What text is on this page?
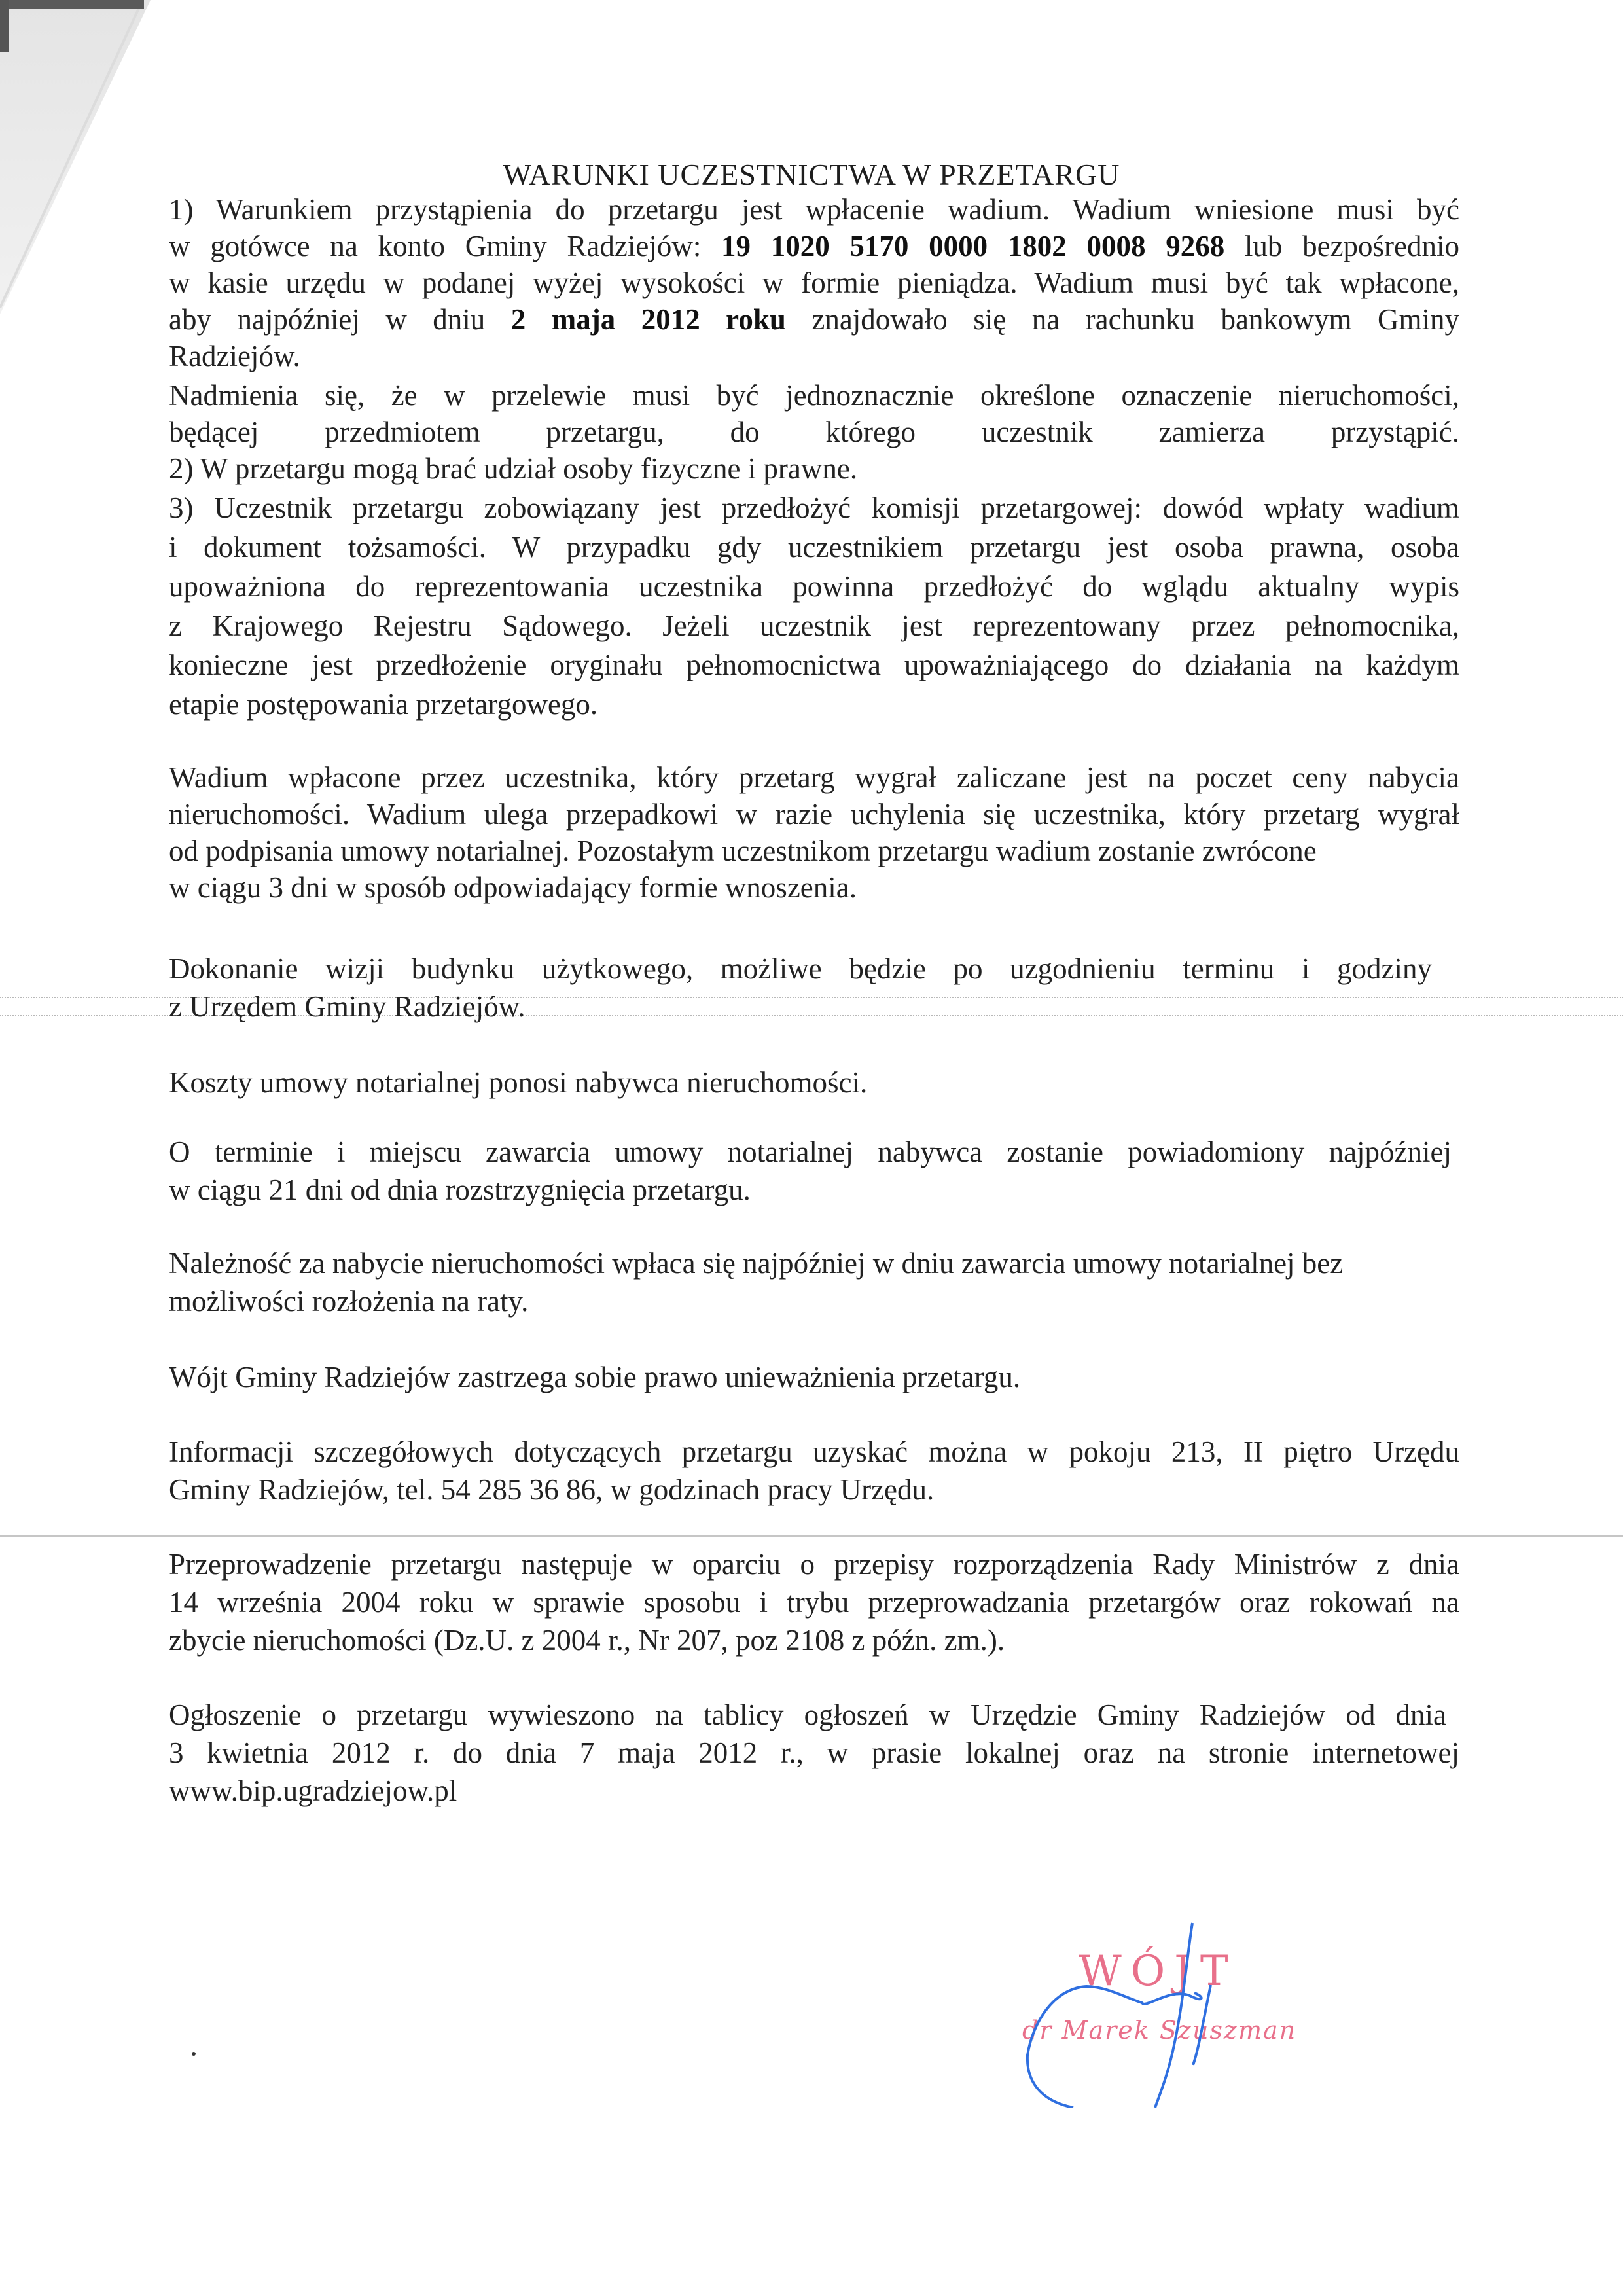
WARUNKI UCZESTNICTWA W PRZETARGU
1) Warunkiem przystąpienia do przetargu jest wpłacenie wadium. Wadium wniesione musi być
w gotówce na konto Gminy Radziejów: 19 1020 5170 0000 1802 0008 9268 lub bezpośrednio
w kasie urzędu w podanej wyżej wysokości w formie pieniądza. Wadium musi być tak wpłacone,
aby najpóźniej w dniu 2 maja 2012 roku znajdowało się na rachunku bankowym Gminy
Radziejów.
Nadmienia się, że w przelewie musi być jednoznacznie określone oznaczenie nieruchomości,
będącej przedmiotem przetargu, do którego uczestnik zamierza przystąpić.
2) W przetargu mogą brać udział osoby fizyczne i prawne.
3) Uczestnik przetargu zobowiązany jest przedłożyć komisji przetargowej: dowód wpłaty wadium
i dokument tożsamości. W przypadku gdy uczestnikiem przetargu jest osoba prawna, osoba
upoważniona do reprezentowania uczestnika powinna przedłożyć do wglądu aktualny wypis
z Krajowego Rejestru Sądowego. Jeżeli uczestnik jest reprezentowany przez pełnomocnika,
konieczne jest przedłożenie oryginału pełnomocnictwa upoważniającego do działania na każdym
etapie postępowania przetargowego.
Wadium wpłacone przez uczestnika, który przetarg wygrał zaliczane jest na poczet ceny nabycia
nieruchomości. Wadium ulega przepadkowi w razie uchylenia się uczestnika, który przetarg wygrał
od podpisania umowy notarialnej. Pozostałym uczestnikom przetargu wadium zostanie zwrócone
w ciągu 3 dni w sposób odpowiadający formie wnoszenia.
Dokonanie wizji budynku użytkowego, możliwe będzie po uzgodnieniu terminu i godziny
z Urzędem Gminy Radziejów.
Koszty umowy notarialnej ponosi nabywca nieruchomości.
O terminie i miejscu zawarcia umowy notarialnej nabywca zostanie powiadomiony najpóźniej
w ciągu 21 dni od dnia rozstrzygnięcia przetargu.
Należność za nabycie nieruchomości wpłaca się najpóźniej w dniu zawarcia umowy notarialnej bez
możliwości rozłożenia na raty.
Wójt Gminy Radziejów zastrzega sobie prawo unieważnienia przetargu.
Informacji szczegółowych dotyczących przetargu uzyskać można w pokoju 213, II piętro Urzędu
Gminy Radziejów, tel. 54 285 36 86, w godzinach pracy Urzędu.
Przeprowadzenie przetargu następuje w oparciu o przepisy rozporządzenia Rady Ministrów z dnia
14 września 2004 roku w sprawie sposobu i trybu przeprowadzania przetargów oraz rokowań na
zbycie nieruchomości (Dz.U. z 2004 r., Nr 207, poz 2108 z późn. zm.).
Ogłoszenie o przetargu wywieszono na tablicy ogłoszeń w Urzędzie Gminy Radziejów od dnia
3 kwietnia 2012 r. do dnia 7 maja 2012 r., w prasie lokalnej oraz na stronie internetowej
www.bip.ugradziejow.pl
WÓJT
dr Marek Szuszman
